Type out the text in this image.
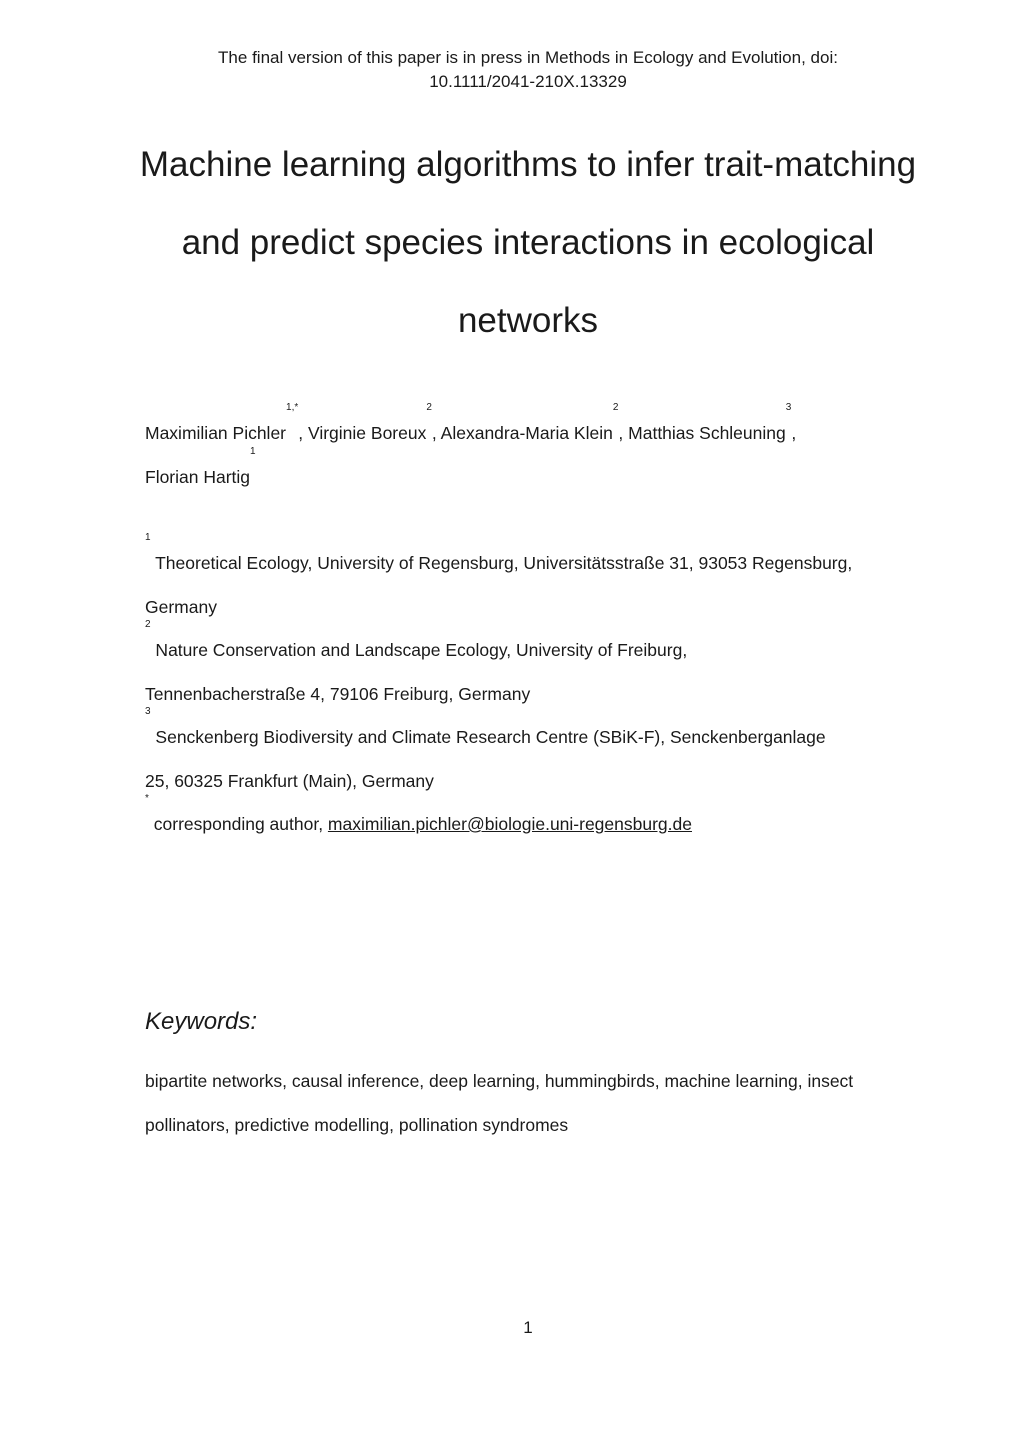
The final version of this paper is in press in Methods in Ecology and Evolution, doi:
10.1111/2041-210X.13329
Machine learning algorithms to infer trait-matching
and predict species interactions in ecological
networks
Maximilian Pichler$^{1,*}$, Virginie Boreux$^2$, Alexandra-Maria Klein$^2$, Matthias Schleuning$^3$,
Florian Hartig$^1$
$^1$ Theoretical Ecology, University of Regensburg, Universitätsstraße 31, 93053 Regensburg,
Germany
$^2$ Nature Conservation and Landscape Ecology, University of Freiburg,
Tennenbacherstraße 4, 79106 Freiburg, Germany
$^3$ Senckenberg Biodiversity and Climate Research Centre (SBiK-F), Senckenberganlage
25, 60325 Frankfurt (Main), Germany
* corresponding author, maximilian.pichler@biologie.uni-regensburg.de
Keywords:
bipartite networks, causal inference, deep learning, hummingbirds, machine learning, insect
pollinators, predictive modelling, pollination syndromes
1
